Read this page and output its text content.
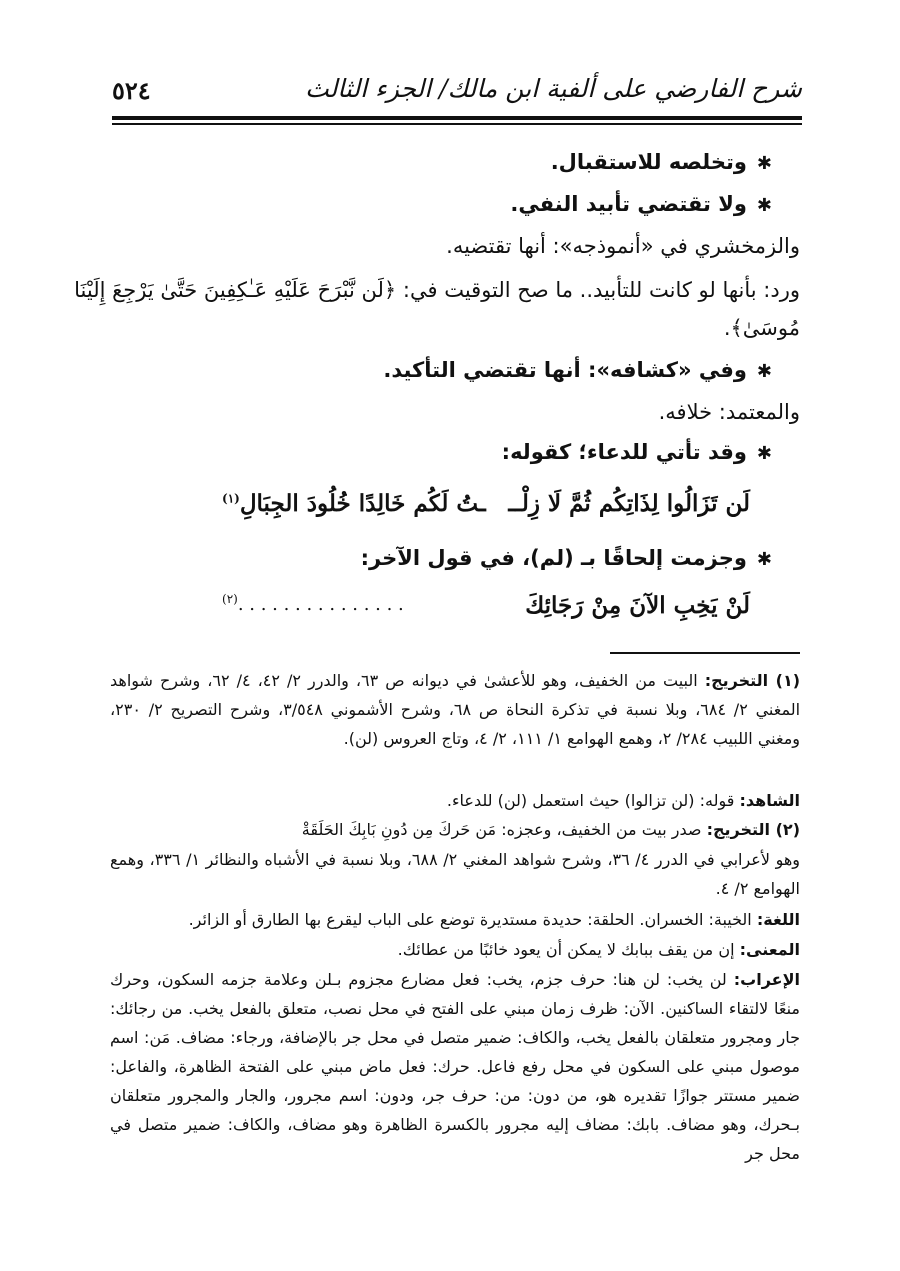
٥٢٤	شرح الفارضي على ألفية ابن مالك/ الجزء الثالث
✱وتخلصه للاستقبال.
✱ولا تقتضي تأبيد النفي.
والزمخشري في «أنموذجه»: أنها تقتضيه.
ورد: بأنها لو كانت للتأبيد.. ما صح التوقيت في: ﴿لَن نَّبْرَحَ عَلَيْهِ عَـٰكِفِينَ حَتَّىٰ يَرْجِعَ إِلَيْنَا
مُوسَىٰ﴾.
✱وفي «كشافه»: أنها تقتضي التأكيد.
والمعتمد: خلافه.
✱وقد تأتي للدعاء؛ كقوله:
لَن تَزَالُوا لِذَاتِكُم ثُمَّ لَا زِلْــ
ـتُ لَكُم خَالِدًا خُلُودَ الجِبَالِ$^{(١)}$
✱وجزمت إلحاقًا بـ (لم)، في قول الآخر:
لَنْ يَخِبِ الآنَ مِنْ رَجَائِكَ
. . . . . . . . . . . . . . .$^{(٢)}$
(١) التخريج: البيت من الخفيف، وهو للأعشىٰ في ديوانه ص ٦٣، والدرر ٢/ ٤٢، ٤/ ٦٢، وشرح شواهد المغني ٢/ ٦٨٤، وبلا نسبة في تذكرة النحاة ص ٦٨، وشرح الأشموني ٣/٥٤٨، وشرح التصريح ٢/ ٢٣٠، ومغني اللبيب ٢٨٤/ ٢، وهمع الهوامع ١/ ١١١، ٢/ ٤، وتاج العروس (لن).
الشاهد: قوله: (لن تزالوا) حيث استعمل (لن) للدعاء.
(٢) التخريج: صدر بيت من الخفيف، وعجزه: مَن حَركَ مِن دُونِ بَابِكَ الحَلَقَةْ
وهو لأعرابي في الدرر ٤/ ٣٦، وشرح شواهد المغني ٢/ ٦٨٨، وبلا نسبة في الأشباه والنظائر ١/ ٣٣٦، وهمع الهوامع ٢/ ٤.
اللغة: الخيبة: الخسران. الحلقة: حديدة مستديرة توضع على الباب ليقرع بها الطارق أو الزائر.
المعنى: إن من يقف ببابك لا يمكن أن يعود خائبًا من عطائك.
الإعراب: لن يخب: لن هنا: حرف جزم، يخب: فعل مضارع مجزوم بـلن وعلامة جزمه السكون، وحرك منعًا لالتقاء الساكنين. الآن: ظرف زمان مبني على الفتح في محل نصب، متعلق بالفعل يخب. من رجائك: جار ومجرور متعلقان بالفعل يخب، والكاف: ضمير متصل في محل جر بالإضافة، ورجاء: مضاف. مَن: اسم موصول مبني على السكون في محل رفع فاعل. حرك: فعل ماض مبني على الفتحة الظاهرة، والفاعل: ضمير مستتر جوازًا تقديره هو، من دون: من: حرف جر، ودون: اسم مجرور، والجار والمجرور متعلقان بـحرك، وهو مضاف. بابك: مضاف إليه مجرور بالكسرة الظاهرة وهو مضاف، والكاف: ضمير متصل في محل جر
